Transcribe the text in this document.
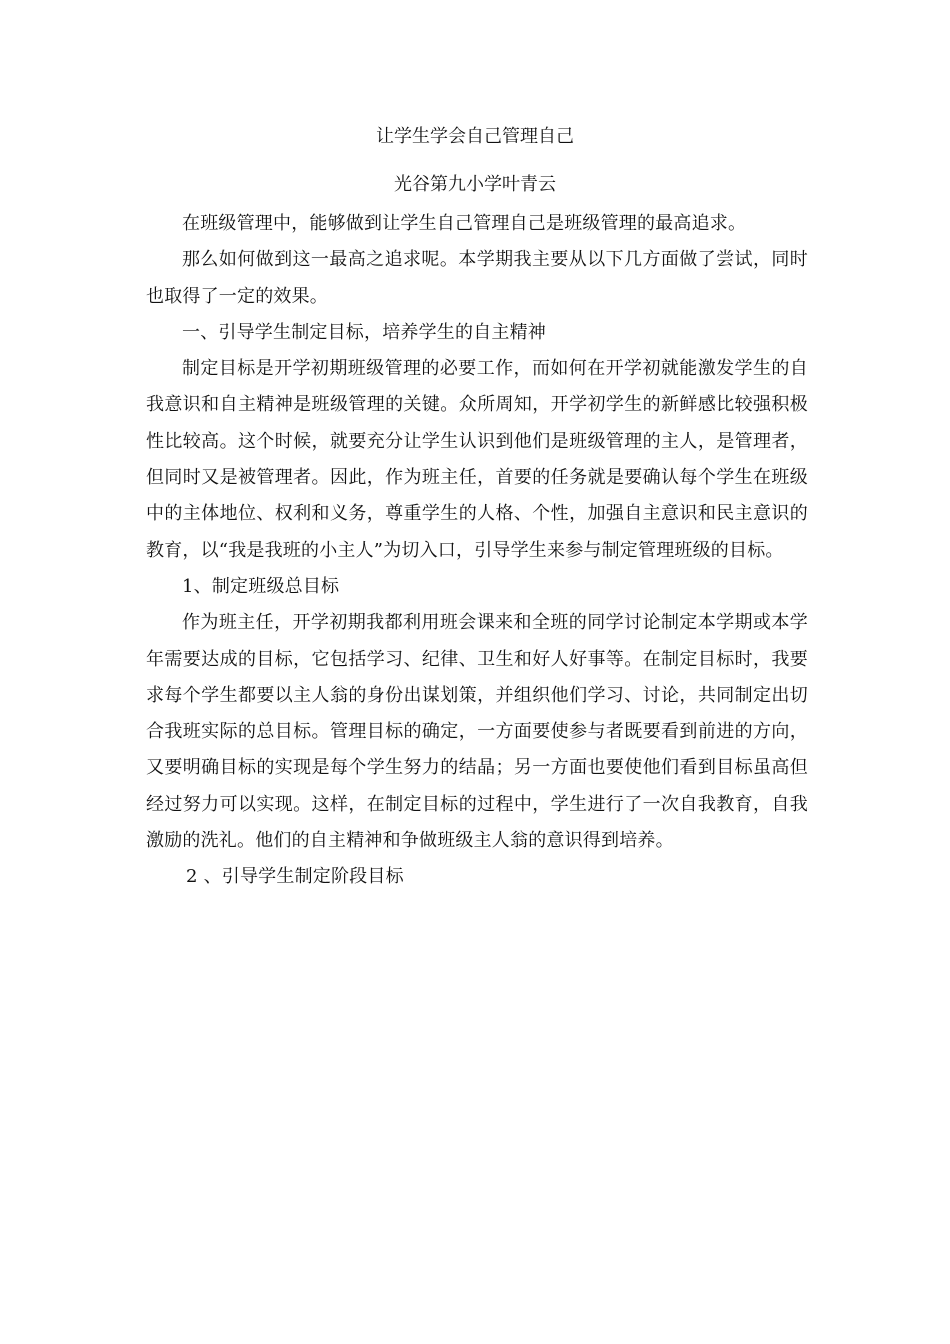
让学生学会自己管理自己
光谷第九小学叶青云

在班级管理中，能够做到让学生自己管理自己是班级管理的最高追求。

那么如何做到这一最高之追求呢。本学期我主要从以下几方面做了尝试，同时也取得了一定的效果。

一、引导学生制定目标，培养学生的自主精神

制定目标是开学初期班级管理的必要工作，而如何在开学初就能激发学生的自我意识和自主精神是班级管理的关键。众所周知，开学初学生的新鲜感比较强积极性比较高。这个时候，就要充分让学生认识到他们是班级管理的主人，是管理者，但同时又是被管理者。因此，作为班主任，首要的任务就是要确认每个学生在班级中的主体地位、权利和义务，尊重学生的人格、个性，加强自主意识和民主意识的教育，以“我是我班的小主人”为切入口，引导学生来参与制定管理班级的目标。

1、制定班级总目标

作为班主任，开学初期我都利用班会课来和全班的同学讨论制定本学期或本学年需要达成的目标，它包括学习、纪律、卫生和好人好事等。在制定目标时，我要求每个学生都要以主人翁的身份出谋划策，并组织他们学习、讨论，共同制定出切合我班实际的总目标。管理目标的确定，一方面要使参与者既要看到前进的方向，又要明确目标的实现是每个学生努力的结晶；另一方面也要使他们看到目标虽高但经过努力可以实现。这样，在制定目标的过程中，学生进行了一次自我教育，自我激励的洗礼。他们的自主精神和争做班级主人翁的意识得到培养。

2 、引导学生制定阶段目标
